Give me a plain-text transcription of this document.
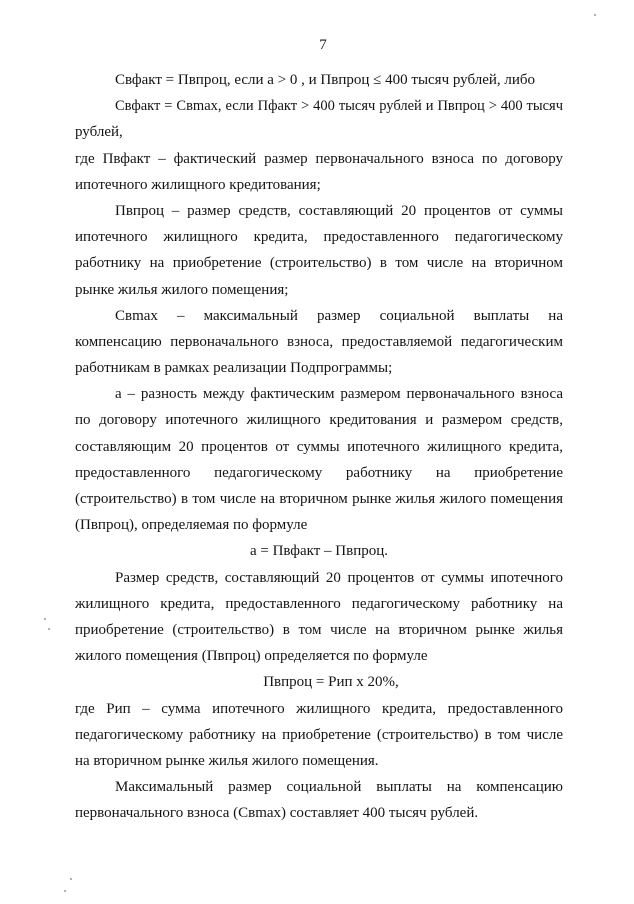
7
Свфакт = Пвпроц, если а > 0 , и Пвпроц ≤ 400 тысяч рублей, либо
Свфакт = Свmax, если Пфакт > 400 тысяч рублей и Пвпроц > 400 тысяч
рублей,
где Пвфакт – фактический размер первоначального взноса по договору
ипотечного жилищного кредитования;
Пвпроц – размер средств, составляющий 20 процентов от суммы
ипотечного жилищного кредита, предоставленного педагогическому
работнику на приобретение (строительство) в том числе на вторичном
рынке жилья жилого помещения;
Свmax – максимальный размер социальной выплаты на
компенсацию первоначального взноса, предоставляемой педагогическим
работникам в рамках реализации Подпрограммы;
а – разность между фактическим размером первоначального взноса
по договору ипотечного жилищного кредитования и размером средств,
составляющим 20 процентов от суммы ипотечного жилищного кредита,
предоставленного педагогическому работнику на приобретение
(строительство) в том числе на вторичном рынке жилья жилого помещения
(Пвпроц), определяемая по формуле
а = Пвфакт – Пвпроц.
Размер средств, составляющий 20 процентов от суммы ипотечного
жилищного кредита, предоставленного педагогическому работнику на
приобретение (строительство) в том числе на вторичном рынке жилья
жилого помещения (Пвпроц) определяется по формуле
Пвпроц = Рип х 20%,
где Рип – сумма ипотечного жилищного кредита, предоставленного
педагогическому работнику на приобретение (строительство) в том числе
на вторичном рынке жилья жилого помещения.
Максимальный размер социальной выплаты на компенсацию
первоначального взноса (Свmax) составляет 400 тысяч рублей.
